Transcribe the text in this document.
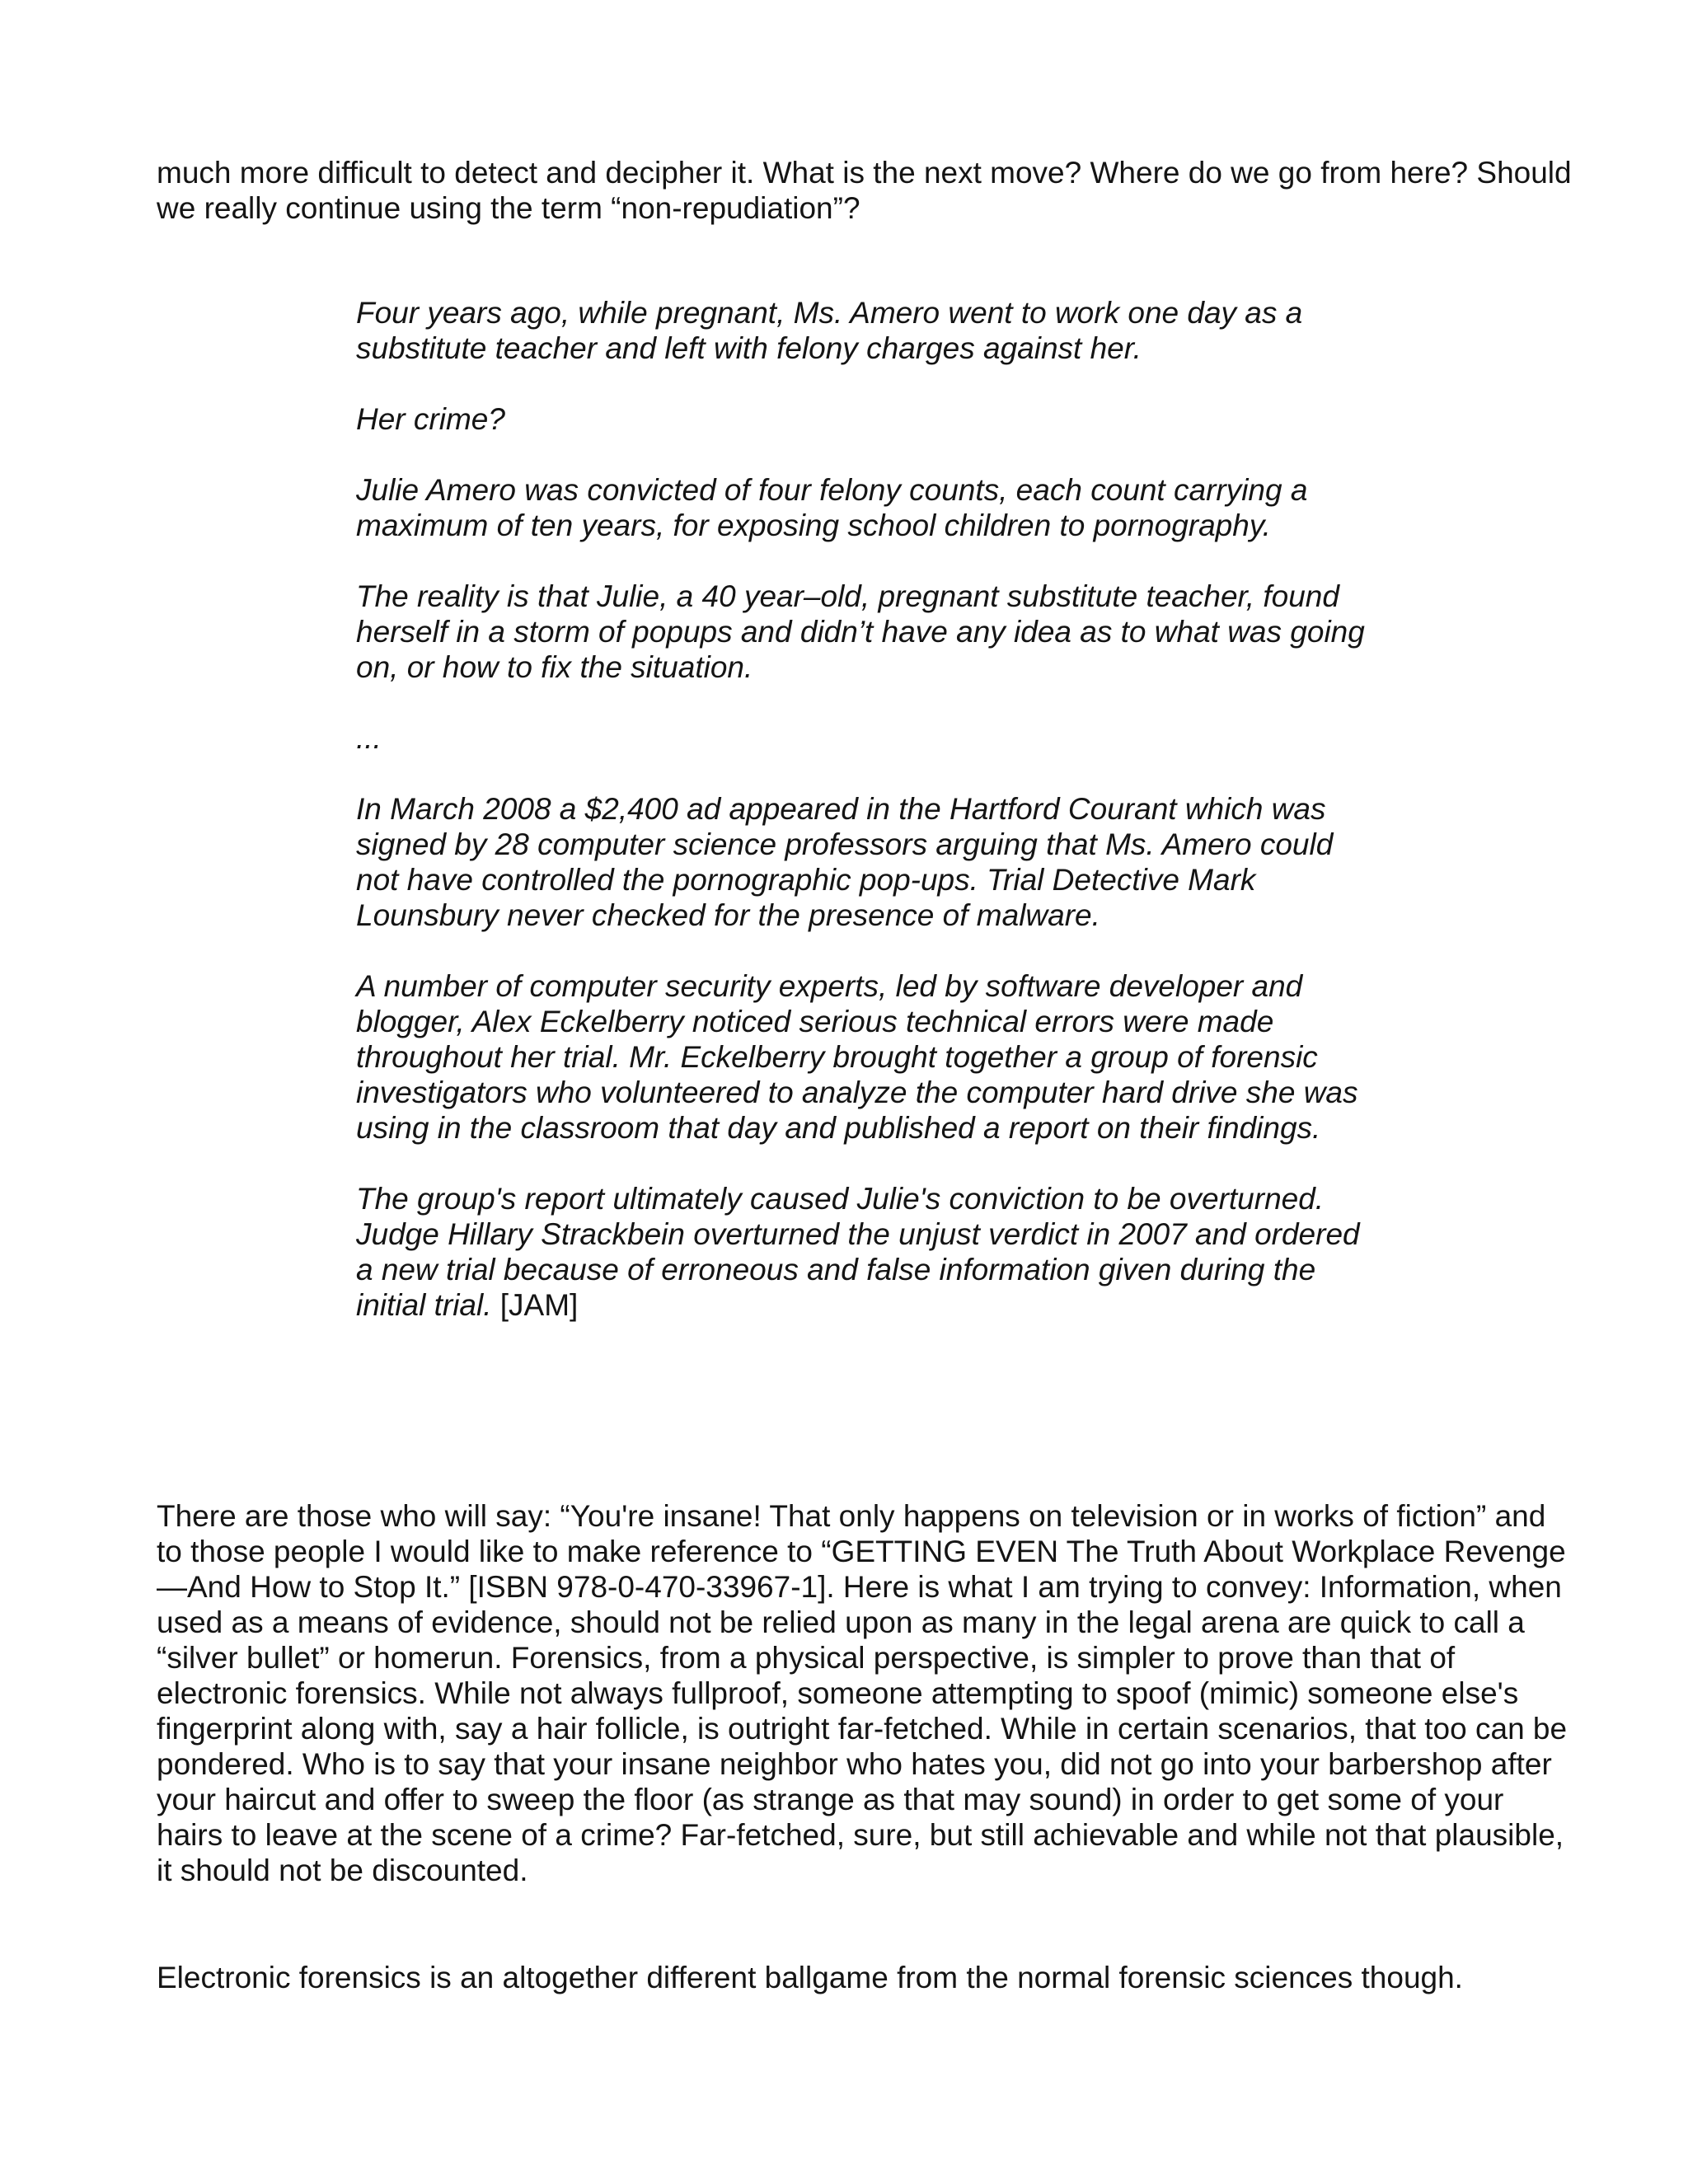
much more difficult to detect and decipher it. What is the next move? Where do we go from here? Should we really continue using the term “non-repudiation”?

Four years ago, while pregnant, Ms. Amero went to work one day as a substitute teacher and left with felony charges against her.

Her crime?

Julie Amero was convicted of four felony counts, each count carrying a maximum of ten years, for exposing school children to pornography.

The reality is that Julie, a 40 year–old, pregnant substitute teacher, found herself in a storm of popups and didn’t have any idea as to what was going on, or how to fix the situation.

...

In March 2008 a $2,400 ad appeared in the Hartford Courant which was signed by 28 computer science professors arguing that Ms. Amero could not have controlled the pornographic pop-ups. Trial Detective Mark Lounsbury never checked for the presence of malware.

A number of computer security experts, led by software developer and blogger, Alex Eckelberry noticed serious technical errors were made throughout her trial. Mr. Eckelberry brought together a group of forensic investigators who volunteered to analyze the computer hard drive she was using in the classroom that day and published a report on their findings.

The group's report ultimately caused Julie's conviction to be overturned. Judge Hillary Strackbein overturned the unjust verdict in 2007 and ordered a new trial because of erroneous and false information given during the initial trial. [JAM]

There are those who will say: “You're insane! That only happens on television or in works of fiction” and to those people I would like to make reference to “GETTING EVEN The Truth About Workplace Revenge—And How to Stop It.” [ISBN 978-0-470-33967-1]. Here is what I am trying to convey: Information, when used as a means of evidence, should not be relied upon as many in the legal arena are quick to call a “silver bullet” or homerun. Forensics, from a physical perspective, is simpler to prove than that of electronic forensics. While not always fullproof, someone attempting to spoof (mimic) someone else's fingerprint along with, say a hair follicle, is outright far-fetched. While in certain scenarios, that too can be pondered. Who is to say that your insane neighbor who hates you, did not go into your barbershop after your haircut and offer to sweep the floor (as strange as that may sound) in order to get some of your hairs to leave at the scene of a crime? Far-fetched, sure, but still achievable and while not that plausible, it should not be discounted.

Electronic forensics is an altogether different ballgame from the normal forensic sciences though.
